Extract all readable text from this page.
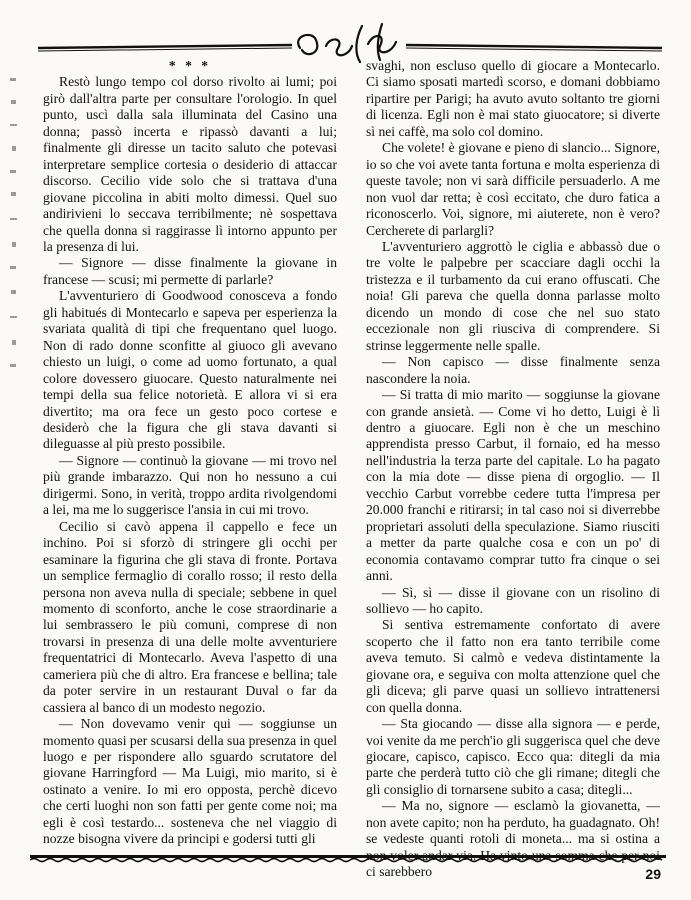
* * *

Restò lungo tempo col dorso rivolto ai lumi; poi girò dall'altra parte per consultare l'orologio. In quel punto, uscì dalla sala illuminata del Casino una donna; passò incerta e ripassò davanti a lui; finalmente gli diresse un tacito saluto che potevasi interpretare semplice cortesia o desiderio di attaccar discorso. Cecilio vide solo che si trattava d'una giovane piccolina in abiti molto dimessi. Quel suo andirivieni lo seccava terribilmente; nè sospettava che quella donna si raggirasse lì intorno appunto per la presenza di lui.

— Signore — disse finalmente la giovane in francese — scusi; mi permette di parlarle?

L'avventuriero di Goodwood conosceva a fondo gli habitués di Montecarlo e sapeva per esperienza la svariata qualità di tipi che frequentano quel luogo. Non di rado donne sconfitte al giuoco gli avevano chiesto un luigi, o come ad uomo fortunato, a qual colore dovessero giuocare. Questo naturalmente nei tempi della sua felice notorietà. E allora vi si era divertito; ma ora fece un gesto poco cortese e desiderò che la figura che gli stava davanti si dileguasse al più presto possibile.

— Signore — continuò la giovane — mi trovo nel più grande imbarazzo. Qui non ho nessuno a cui dirigermi. Sono, in verità, troppo ardita rivolgendomi a lei, ma me lo suggerisce l'ansia in cui mi trovo.

Cecilio si cavò appena il cappello e fece un inchino. Poi si sforzò di stringere gli occhi per esaminare la figurina che gli stava di fronte. Portava un semplice fermaglio di corallo rosso; il resto della persona non aveva nulla di speciale; sebbene in quel momento di sconforto, anche le cose straordinarie a lui sembrassero le più comuni, comprese di non trovarsi in presenza di una delle molte avventuriere frequentatrici di Montecarlo. Aveva l'aspetto di una cameriera più che di altro. Era francese e bellina; tale da poter servire in un restaurant Duval o far da cassiera al banco di un modesto negozio.

— Non dovevamo venir qui — soggiunse un momento quasi per scusarsi della sua presenza in quel luogo e per rispondere allo sguardo scrutatore del giovane Harringford — Ma Luigi, mio marito, si è ostinato a venire. Io mi ero opposta, perchè dicevo che certi luoghi non son fatti per gente come noi; ma egli è così testardo... sosteneva che nel viaggio di nozze bisogna vivere da principi e godersi tutti gli

svaghi, non escluso quello di giocare a Montecarlo. Ci siamo sposati martedì scorso, e domani dobbiamo ripartire per Parigi; ha avuto avuto soltanto tre giorni di licenza. Egli non è mai stato giuocatore; si diverte sì nei caffè, ma solo col domino.

Che volete! è giovane e pieno di slancio... Signore, io so che voi avete tanta fortuna e molta esperienza di queste tavole; non vi sarà difficile persuaderlo. A me non vuol dar retta; è così eccitato, che duro fatica a riconoscerlo. Voi, signore, mi aiuterete, non è vero? Cercherete di parlargli?

L'avventuriero aggrottò le ciglia e abbassò due o tre volte le palpebre per scacciare dagli occhi la tristezza e il turbamento da cui erano offuscati. Che noia! Gli pareva che quella donna parlasse molto dicendo un mondo di cose che nel suo stato eccezionale non gli riusciva di comprendere. Si strinse leggermente nelle spalle.

— Non capisco — disse finalmente senza nascondere la noia.

— Si tratta di mio marito — soggiunse la giovane con grande ansietà. — Come vi ho detto, Luigi è lì dentro a giuocare. Egli non è che un meschino apprendista presso Carbut, il fornaio, ed ha messo nell'industria la terza parte del capitale. Lo ha pagato con la mia dote — disse piena di orgoglio. — Il vecchio Carbut vorrebbe cedere tutta l'impresa per 20.000 franchi e ritirarsi; in tal caso noi si diverrebbe proprietari assoluti della speculazione. Siamo riusciti a metter da parte qualche cosa e con un po' di economia contavamo comprar tutto fra cinque o sei anni.

— Sì, sì — disse il giovane con un risolino di sollievo — ho capito.

Si sentiva estremamente confortato di avere scoperto che il fatto non era tanto terribile come aveva temuto. Si calmò e vedeva distintamente la giovane ora, e seguiva con molta attenzione quel che gli diceva; gli parve quasi un sollievo intrattenersi con quella donna.

— Sta giocando — disse alla signora — e perde, voi venite da me perch'io gli suggerisca quel che deve giocare, capisco, capisco. Ecco qua: ditegli da mia parte che perderà tutto ciò che gli rimane; ditegli che gli consiglio di tornarsene subito a casa; ditegli...

— Ma no, signore — esclamò la giovanetta, — non avete capito; non ha perduto, ha guadagnato. Oh! se vedeste quanti rotoli di moneta... ma si ostina a ci sarebbero	29
